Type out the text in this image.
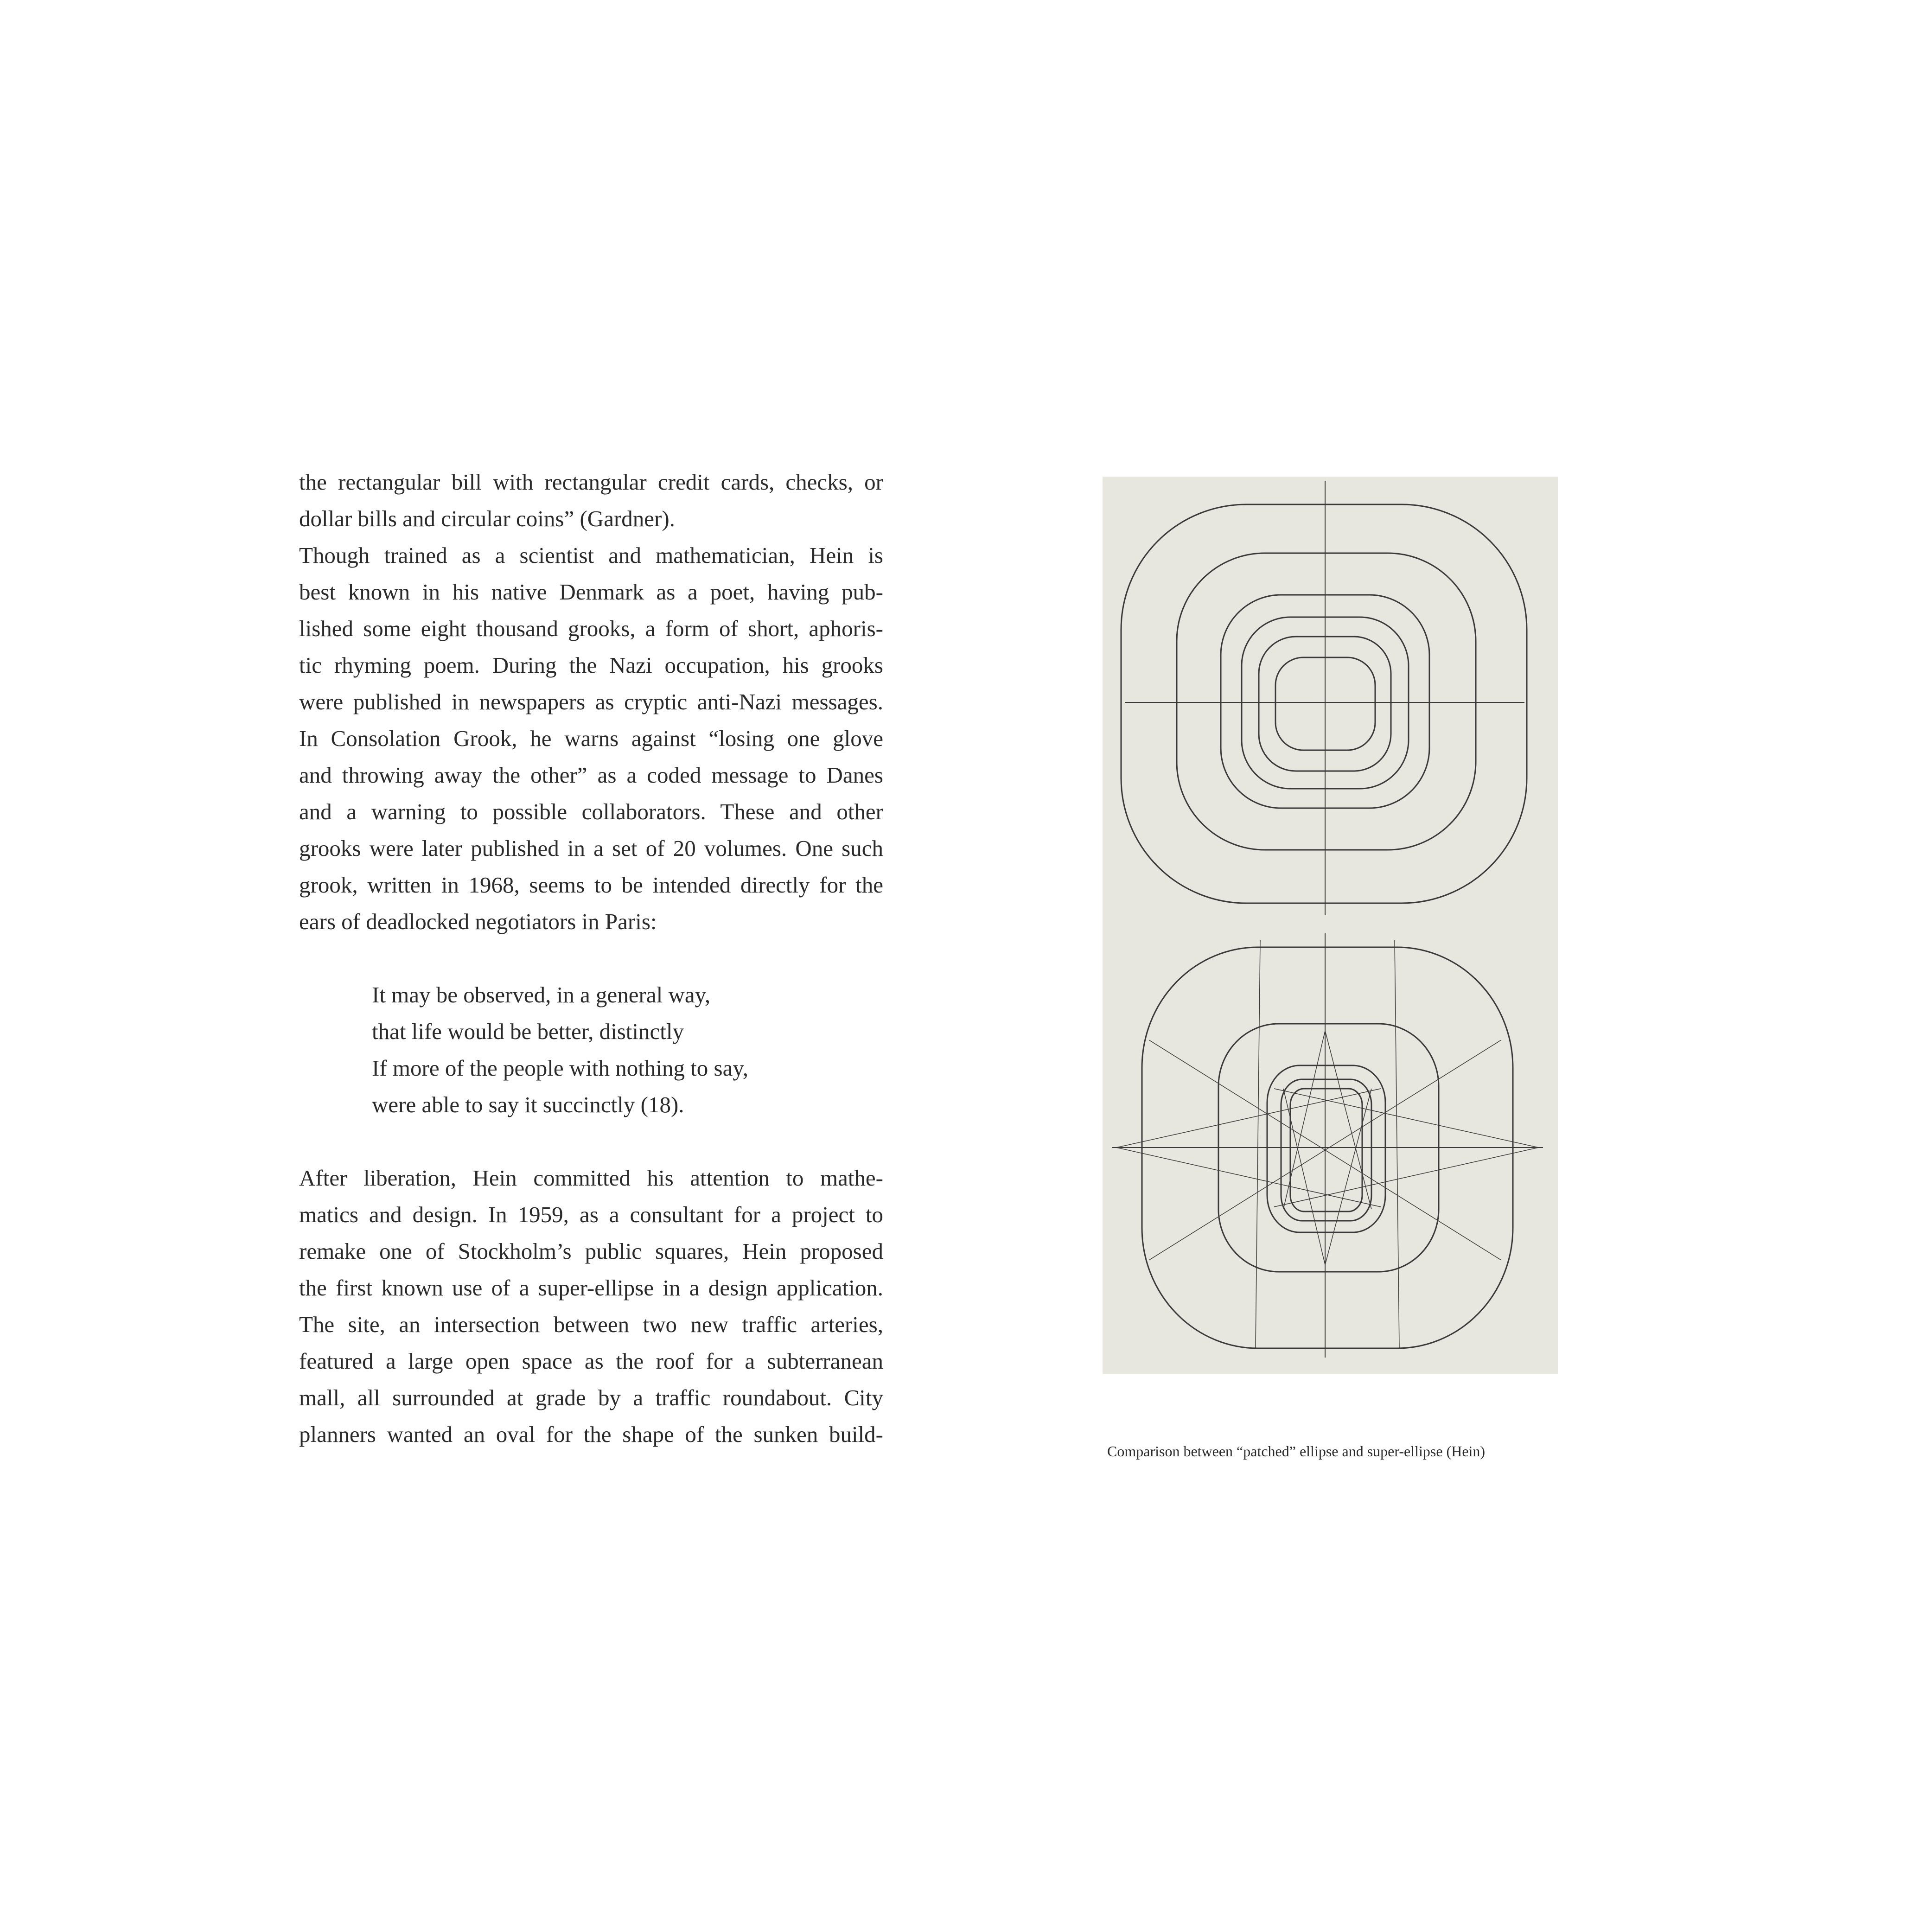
the rectangular bill with rectangular credit cards, checks, or
dollar bills and circular coins” (Gardner).
Though trained as a scientist and mathematician, Hein is
best known in his native Denmark as a poet, having pub-
lished some eight thousand grooks, a form of short, aphoris-
tic rhyming poem. During the Nazi occupation, his grooks
were published in newspapers as cryptic anti-Nazi messages.
In Consolation Grook, he warns against “losing one glove
and throwing away the other” as a coded message to Danes
and a warning to possible collaborators. These and other
grooks were later published in a set of 20 volumes. One such
grook, written in 1968, seems to be intended directly for the
ears of deadlocked negotiators in Paris:
It may be observed, in a general way,
that life would be better, distinctly
If more of the people with nothing to say,
were able to say it succinctly (18).
After liberation, Hein committed his attention to mathe-
matics and design. In 1959, as a consultant for a project to
remake one of Stockholm’s public squares, Hein proposed
the first known use of a super-ellipse in a design application.
The site, an intersection between two new traffic arteries,
featured a large open space as the roof for a subterranean
mall, all surrounded at grade by a traffic roundabout. City
planners wanted an oval for the shape of the sunken build-
Comparison between “patched” ellipse and super-ellipse (Hein)
